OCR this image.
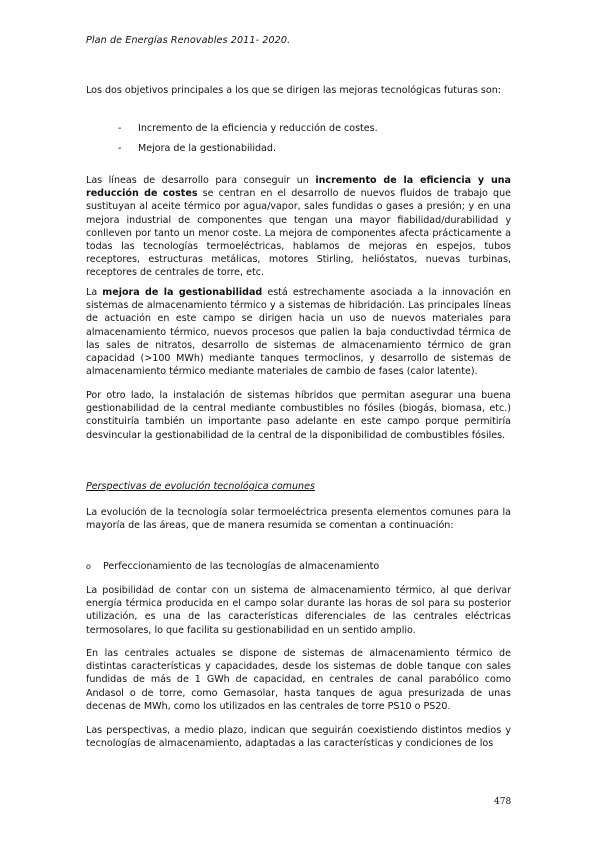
Plan de Energías Renovables 2011- 2020.

Los dos objetivos principales a los que se dirigen las mejoras tecnológicas futuras son:

- Incremento de la eficiencia y reducción de costes.
- Mejora de la gestionabilidad.

Las líneas de desarrollo para conseguir un incremento de la eficiencia y una reducción de costes se centran en el desarrollo de nuevos fluidos de trabajo que sustituyan al aceite térmico por agua/vapor, sales fundidas o gases a presión; y en una mejora industrial de componentes que tengan una mayor fiabilidad/durabilidad y conlleven por tanto un menor coste. La mejora de componentes afecta prácticamente a todas las tecnologías termoeléctricas, hablamos de mejoras en espejos, tubos receptores, estructuras metálicas, motores Stirling, helióstatos, nuevas turbinas, receptores de centrales de torre, etc.

La mejora de la gestionabilidad está estrechamente asociada a la innovación en sistemas de almacenamiento térmico y a sistemas de hibridación. Las principales líneas de actuación en este campo se dirigen hacia un uso de nuevos materiales para almacenamiento térmico, nuevos procesos que palien la baja conductivdad térmica de las sales de nitratos, desarrollo de sistemas de almacenamiento térmico de gran capacidad (>100 MWh) mediante tanques termoclinos, y desarrollo de sistemas de almacenamiento térmico mediante materiales de cambio de fases (calor latente).

Por otro lado, la instalación de sistemas híbridos que permitan asegurar una buena gestionabilidad de la central mediante combustibles no fósiles (biogás, biomasa, etc.) constituiría también un importante paso adelante en este campo porque permitiría desvincular la gestionabilidad de la central de la disponibilidad de combustibles fósiles.

Perspectivas de evolución tecnológica comunes

La evolución de la tecnología solar termoeléctrica presenta elementos comunes para la mayoría de las áreas, que de manera resumida se comentan a continuación:

o Perfeccionamiento de las tecnologías de almacenamiento

La posibilidad de contar con un sistema de almacenamiento térmico, al que derivar energía térmica producida en el campo solar durante las horas de sol para su posterior utilización, es una de las características diferenciales de las centrales eléctricas termosolares, lo que facilita su gestionabilidad en un sentido amplio.

En las centrales actuales se dispone de sistemas de almacenamiento térmico de distintas características y capacidades, desde los sistemas de doble tanque con sales fundidas de más de 1 GWh de capacidad, en centrales de canal parabólico como Andasol o de torre, como Gemasolar, hasta tanques de agua presurizada de unas decenas de MWh, como los utilizados en las centrales de torre PS10 o PS20.

Las perspectivas, a medio plazo, indican que seguirán coexistiendo distintos medios y tecnologías de almacenamiento, adaptadas a las características y condiciones de los

478
